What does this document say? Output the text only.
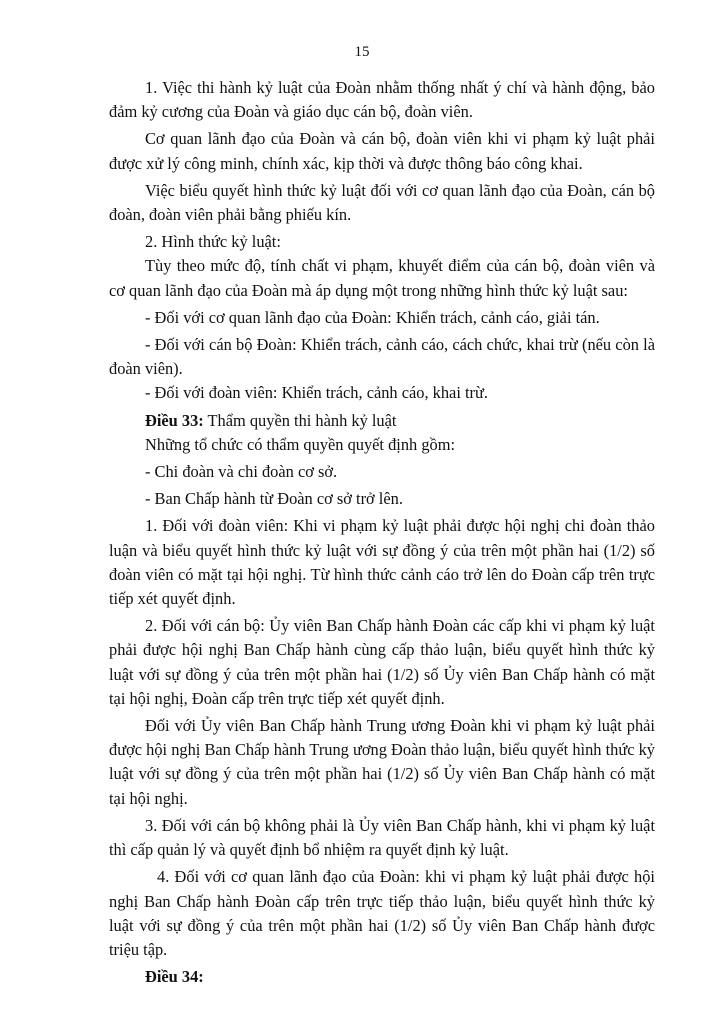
15

1. Việc thi hành kỷ luật của Đoàn nhằm thống nhất ý chí và hành động, bảo đảm kỷ cương của Đoàn và giáo dục cán bộ, đoàn viên.

Cơ quan lãnh đạo của Đoàn và cán bộ, đoàn viên khi vi phạm kỷ luật phải được xử lý công minh, chính xác, kịp thời và được thông báo công khai.

Việc biểu quyết hình thức kỷ luật đối với cơ quan lãnh đạo của Đoàn, cán bộ đoàn, đoàn viên phải bằng phiếu kín.

2. Hình thức kỷ luật:

Tùy theo mức độ, tính chất vi phạm, khuyết điểm của cán bộ, đoàn viên và cơ quan lãnh đạo của Đoàn mà áp dụng một trong những hình thức kỷ luật sau:

- Đối với cơ quan lãnh đạo của Đoàn: Khiển trách, cảnh cáo, giải tán.

- Đối với cán bộ Đoàn: Khiển trách, cảnh cáo, cách chức, khai trừ (nếu còn là đoàn viên).

- Đối với đoàn viên: Khiển trách, cảnh cáo, khai trừ.

Điều 33: Thẩm quyền thi hành kỷ luật

Những tổ chức có thẩm quyền quyết định gồm:

- Chi đoàn và chi đoàn cơ sở.

- Ban Chấp hành từ Đoàn cơ sở trở lên.

1. Đối với đoàn viên: Khi vi phạm kỷ luật phải được hội nghị chi đoàn thảo luận và biểu quyết hình thức kỷ luật với sự đồng ý của trên một phần hai (1/2) số đoàn viên có mặt tại hội nghị. Từ hình thức cảnh cáo trở lên do Đoàn cấp trên trực tiếp xét quyết định.

2. Đối với cán bộ: Ủy viên Ban Chấp hành Đoàn các cấp khi vi phạm kỷ luật phải được hội nghị Ban Chấp hành cùng cấp thảo luận, biểu quyết hình thức kỷ luật với sự đồng ý của trên một phần hai (1/2) số Ủy viên Ban Chấp hành có mặt tại hội nghị, Đoàn cấp trên trực tiếp xét quyết định.

Đối với Ủy viên Ban Chấp hành Trung ương Đoàn khi vi phạm kỷ luật phải được hội nghị Ban Chấp hành Trung ương Đoàn thảo luận, biểu quyết hình thức kỷ luật với sự đồng ý của trên một phần hai (1/2) số Ủy viên Ban Chấp hành có mặt tại hội nghị.

3. Đối với cán bộ không phải là Ủy viên Ban Chấp hành, khi vi phạm kỷ luật thì cấp quản lý và quyết định bổ nhiệm ra quyết định kỷ luật.

4. Đối với cơ quan lãnh đạo của Đoàn: khi vi phạm kỷ luật phải được hội nghị Ban Chấp hành Đoàn cấp trên trực tiếp thảo luận, biểu quyết hình thức kỷ luật với sự đồng ý của trên một phần hai (1/2) số Ủy viên Ban Chấp hành được triệu tập.

Điều 34:
